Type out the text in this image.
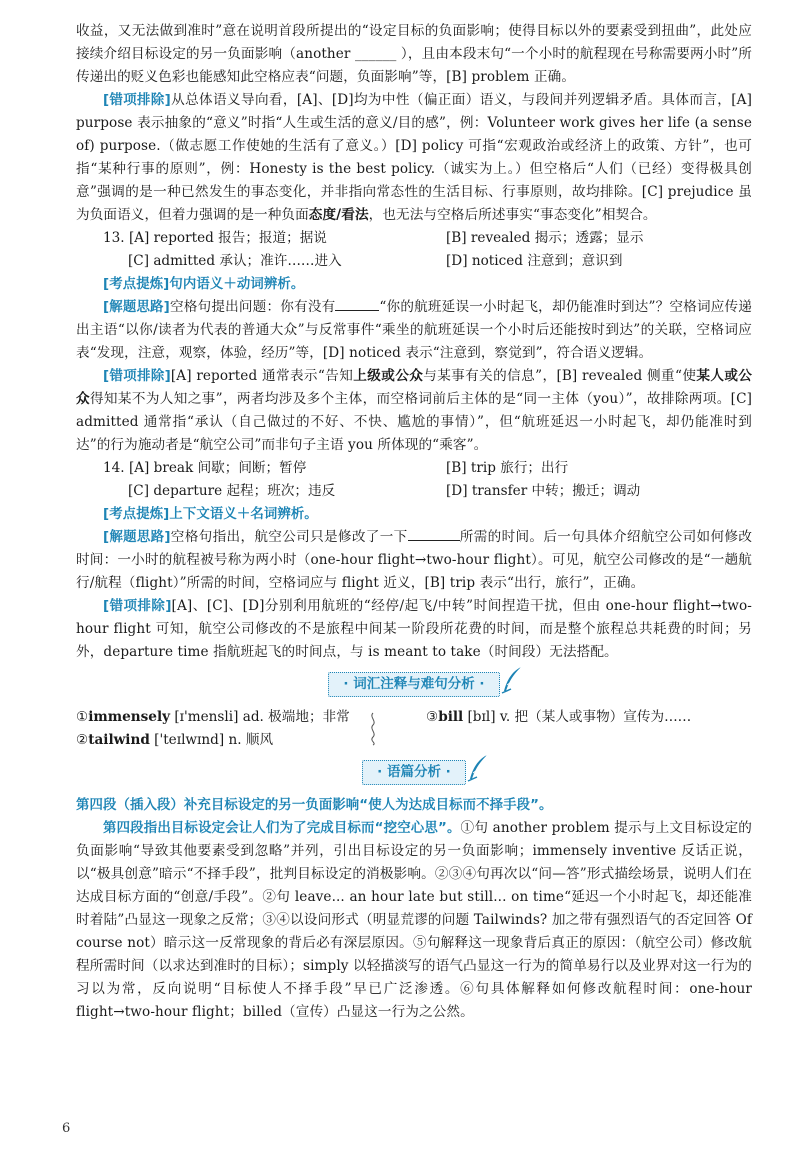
收益，又无法做到准时”意在说明首段所提出的“设定目标的负面影响；使得目标以外的要素受到扭曲”，此处应接续介绍目标设定的另一负面影响（another ______ ），且由本段末句“一个小时的航程现在号称需要两小时”所传递出的贬义色彩也能感知此空格应表“问题，负面影响”等，[B] problem 正确。

[错项排除]从总体语义导向看，[A]、[D]均为中性（偏正面）语义，与段间并列逻辑矛盾。具体而言，[A] purpose 表示抽象的“意义”时指“人生或生活的意义/目的感”，例：Volunteer work gives her life (a sense of) purpose.（做志愿工作使她的生活有了意义。）[D] policy 可指“宏观政治或经济上的政策、方针”，也可指“某种行事的原则”，例：Honesty is the best policy.（诚实为上。）但空格后“人们（已经）变得极具创意”强调的是一种已然发生的事态变化，并非指向常态性的生活目标、行事原则，故均排除。[C] prejudice 虽为负面语义，但着力强调的是一种负面态度/看法，也无法与空格后所述事实“事态变化”相契合。

13. [A] reported 报告；报道；据说	[B] revealed 揭示；透露；显示
[C] admitted 承认；准许……进入	[D] noticed 注意到；意识到

[考点提炼]句内语义＋动词辨析。

[解题思路]空格句提出问题：你有没有	“你的航班延误一小时起飞，却仍能准时到达”？空格词应传递出主语“以你/读者为代表的普通大众”与反常事件“乘坐的航班延误一个小时后还能按时到达”的关联，空格词应表“发现，注意，观察，体验，经历”等，[D] noticed 表示“注意到，察觉到”，符合语义逻辑。

[错项排除][A] reported 通常表示“告知上级或公众与某事有关的信息”，[B] revealed 侧重“使某人或公众得知某不为人知之事”，两者均涉及多个主体，而空格词前后主体的是“同一主体（you）”，故排除两项。[C] admitted 通常指“承认（自己做过的不好、不快、尴尬的事情）”，但“航班延迟一小时起飞，却仍能准时到达”的行为施动者是“航空公司”而非句子主语 you 所体现的“乘客”。

14. [A] break 间歇；间断；暂停	[B] trip 旅行；出行
[C] departure 起程；班次；违反	[D] transfer 中转；搬迁；调动

[考点提炼]上下文语义＋名词辨析。

[解题思路]空格句指出，航空公司只是修改了一下	所需的时间。后一句具体介绍航空公司如何修改时间：一小时的航程被号称为两小时（one-hour flight→two-hour flight）。可见，航空公司修改的是“一趟航行/航程（flight）”所需的时间，空格词应与 flight 近义，[B] trip 表示“出行，旅行”，正确。

[错项排除][A]、[C]、[D]分别利用航班的“经停/起飞/中转”时间捏造干扰，但由 one-hour flight→two-hour flight 可知，航空公司修改的不是旅程中间某一阶段所花费的时间，而是整个旅程总共耗费的时间；另外，departure time 指航班起飞的时间点，与 is meant to take（时间段）无法搭配。

· 词汇注释与难句分析 ·
①immensely [ɪ'mensli] ad. 极端地；非常
②tailwind ['teɪlwɪnd] n. 顺风
③bill [bɪl] v. 把（某人或事物）宣传为……
· 语篇分析 ·

第四段（插入段）补充目标设定的另一负面影响“使人为达成目标而不择手段”。

第四段指出目标设定会让人们为了完成目标而“挖空心思”。①句 another problem 提示与上文目标设定的负面影响“导致其他要素受到忽略”并列，引出目标设定的另一负面影响；immensely inventive 反话正说，以“极具创意”暗示“不择手段”，批判目标设定的消极影响。②③④句再次以“问—答”形式描绘场景，说明人们在达成目标方面的“创意/手段”。②句 leave... an hour late but still... on time“延迟一个小时起飞，却还能准时着陆”凸显这一现象之反常；③④以设问形式（明显荒谬的问题 Tailwinds? 加之带有强烈语气的否定回答 Of course not）暗示这一反常现象的背后必有深层原因。⑤句解释这一现象背后真正的原因：（航空公司）修改航程所需时间（以求达到准时的目标）；simply 以轻描淡写的语气凸显这一行为的简单易行以及业界对这一行为的习以为常，反向说明“目标使人不择手段”早已广泛渗透。⑥句具体解释如何修改航程时间：one-hour flight→two-hour flight；billed（宣传）凸显这一行为之公然。

6
